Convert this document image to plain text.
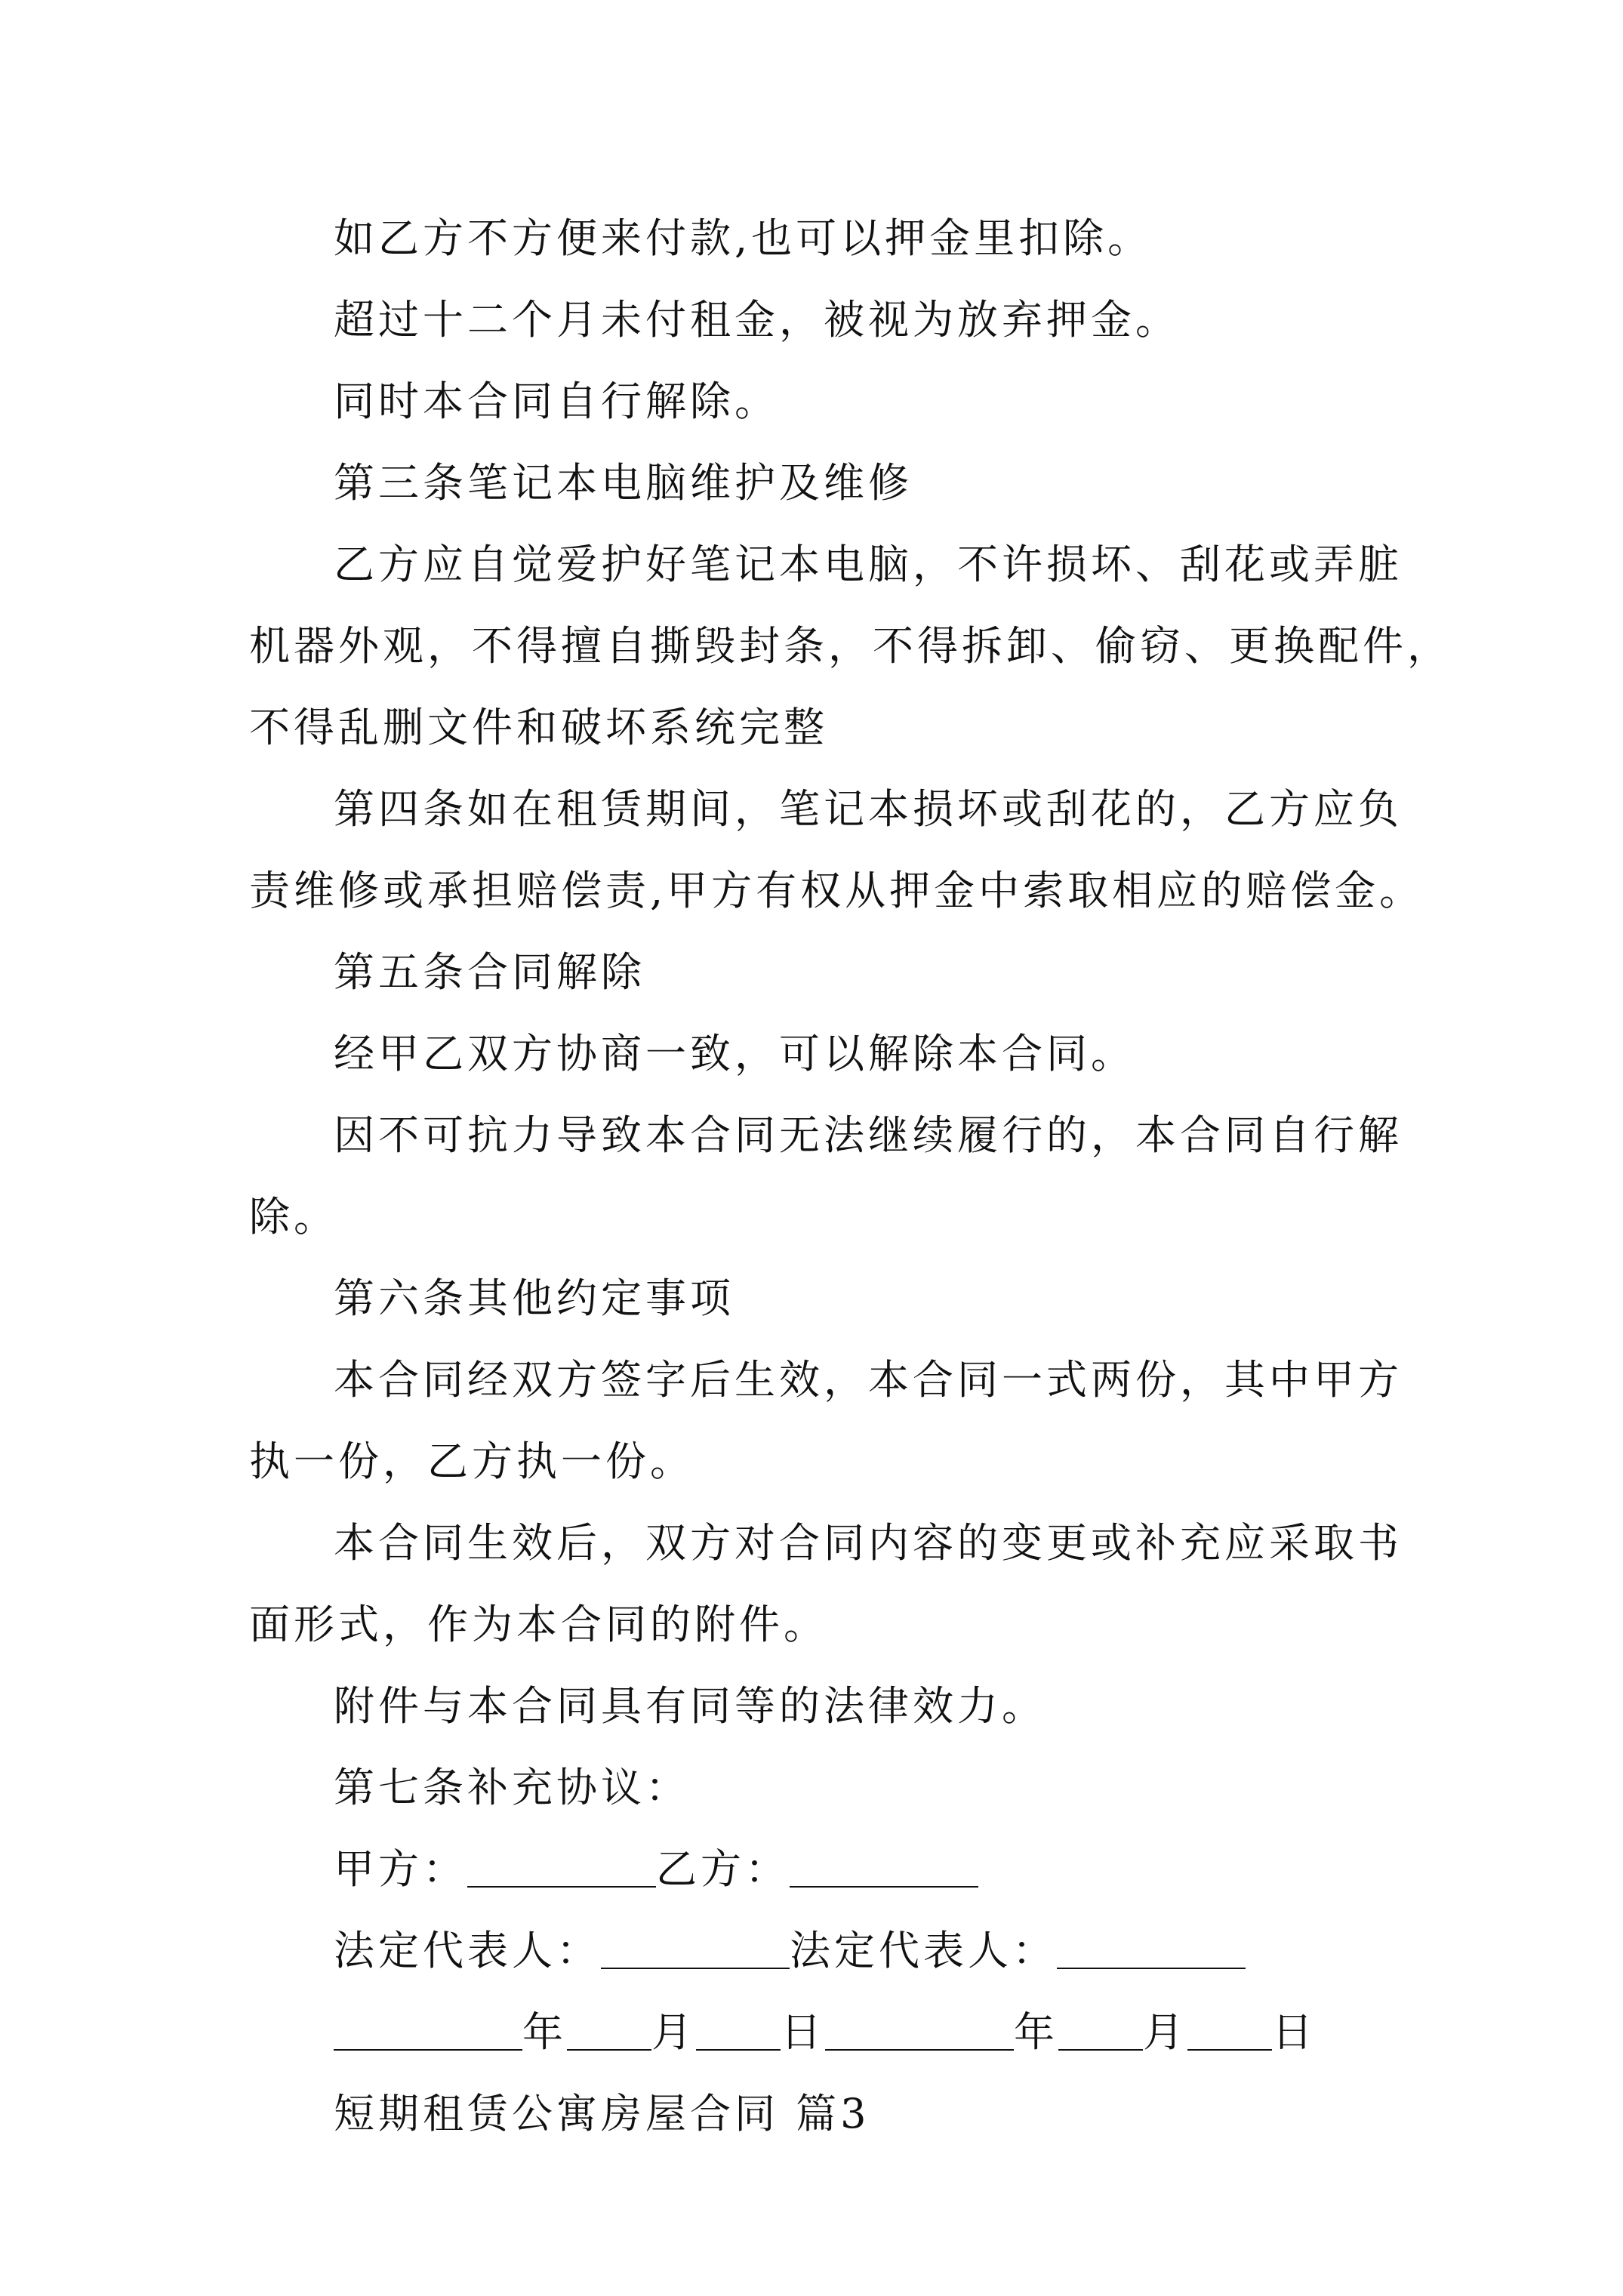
如乙方不方便来付款,也可以押金里扣除。

超过十二个月未付租金，被视为放弃押金。

同时本合同自行解除。

第三条笔记本电脑维护及维修

乙方应自觉爱护好笔记本电脑，不许损坏、刮花或弄脏

机器外观，不得擅自撕毁封条，不得拆卸、偷窃、更换配件，

不得乱删文件和破坏系统完整

第四条如在租赁期间，笔记本损坏或刮花的，乙方应负

责维修或承担赔偿责,甲方有权从押金中索取相应的赔偿金。

第五条合同解除

经甲乙双方协商一致，可以解除本合同。

因不可抗力导致本合同无法继续履行的，本合同自行解

除。

第六条其他约定事项

本合同经双方签字后生效，本合同一式两份，其中甲方

执一份，乙方执一份。

本合同生效后，双方对合同内容的变更或补充应采取书

面形式，作为本合同的附件。

附件与本合同具有同等的法律效力。

第七条补充协议：

甲方：	乙方：

法定代表人：	法定代表人：

年 月 日	年 月 日

短期租赁公寓房屋合同 篇3
